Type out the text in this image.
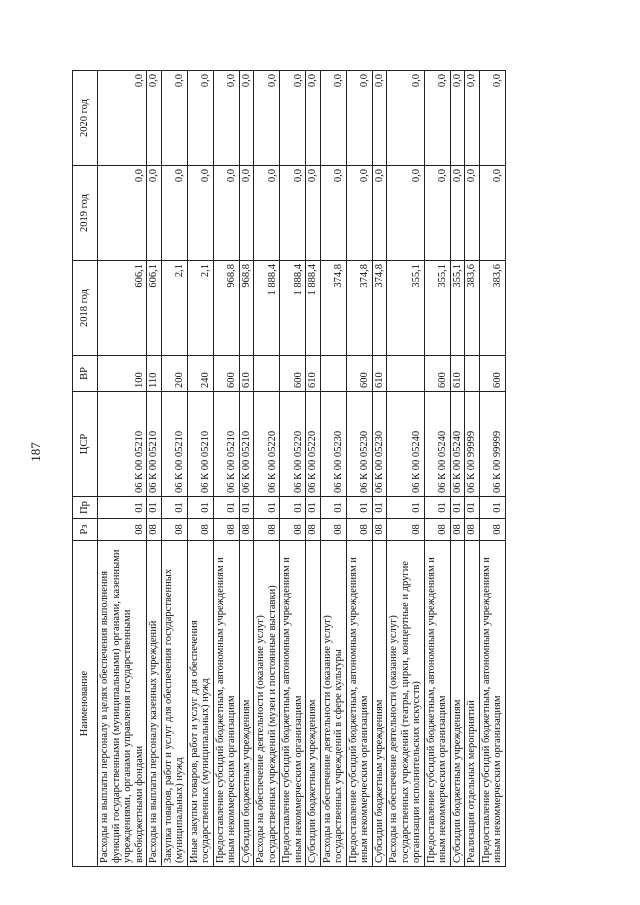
187
Наименование	Рз	Пр	ЦСР	ВР	2018 год	2019 год	2020 год
Расходы на выплаты персоналу в целях обеспечения выполнения функций государственными (муниципальными) органами, казенными учреждениями, органами управления государственными внебюджетными фондами	08	01	06 К 00 05210	100	606,1	0,0	0,0
Расходы на выплаты персоналу казенных учреждений	08	01	06 К 00 05210	110	606,1	0,0	0,0
Закупка товаров, работ и услуг для обеспечения государственных (муниципальных) нужд	08	01	06 К 00 05210	200	2,1	0,0	0,0
Иные закупки товаров, работ и услуг для обеспечения государственных (муниципальных) нужд	08	01	06 К 00 05210	240	2,1	0,0	0,0
Предоставление субсидий бюджетным, автономным учреждениям и иным некоммерческим организациям	08	01	06 К 00 05210	600	968,8	0,0	0,0
Субсидии бюджетным учреждениям	08	01	06 К 00 05210	610	968,8	0,0	0,0
Расходы на обеспечение деятельности (оказание услуг) государственных учреждений (музеи и постоянные выставки)	08	01	06 К 00 05220		1 888,4	0,0	0,0
Предоставление субсидий бюджетным, автономным учреждениям и иным некоммерческим организациям	08	01	06 К 00 05220	600	1 888,4	0,0	0,0
Субсидии бюджетным учреждениям	08	01	06 К 00 05220	610	1 888,4	0,0	0,0
Расходы на обеспечение деятельности (оказание услуг) государственных учреждений в сфере культуры	08	01	06 К 00 05230		374,8	0,0	0,0
Предоставление субсидий бюджетным, автономным учреждениям и иным некоммерческим организациям	08	01	06 К 00 05230	600	374,8	0,0	0,0
Субсидии бюджетным учреждениям	08	01	06 К 00 05230	610	374,8	0,0	0,0
Расходы на обеспечение деятельности (оказание услуг) государственных учреждений (театры, цирки, концертные и другие организации исполнительских искусств)	08	01	06 К 00 05240		355,1	0,0	0,0
Предоставление субсидий бюджетным, автономным учреждениям и иным некоммерческим организациям	08	01	06 К 00 05240	600	355,1	0,0	0,0
Субсидии бюджетным учреждениям	08	01	06 К 00 05240	610	355,1	0,0	0,0
Реализация отдельных мероприятий	08	01	06 К 00 99999		383,6	0,0	0,0
Предоставление субсидий бюджетным, автономным учреждениям и иным некоммерческим организациям	08	01	06 К 00 99999	600	383,6	0,0	0,0
